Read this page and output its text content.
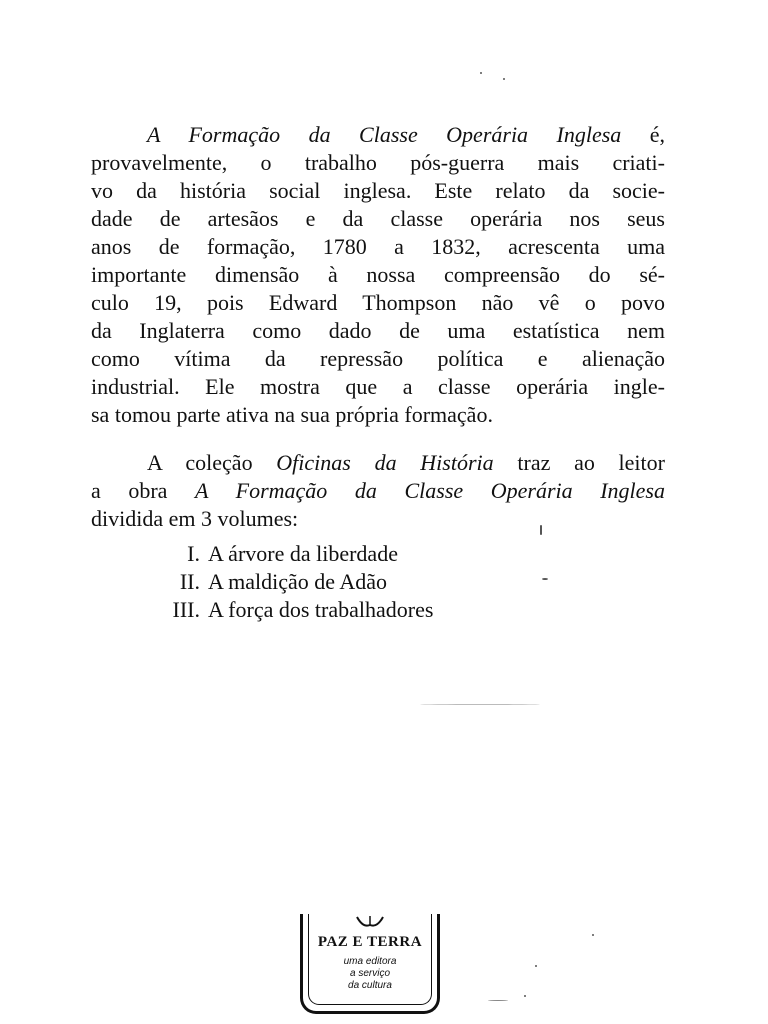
A Formação da Classe Operária Inglesa é,
provavelmente, o trabalho pós-guerra mais criati-
vo da história social inglesa. Este relato da socie-
dade de artesãos e da classe operária nos seus
anos de formação, 1780 a 1832, acrescenta uma
importante dimensão à nossa compreensão do sé-
culo 19, pois Edward Thompson não vê o povo
da Inglaterra como dado de uma estatística nem
como vítima da repressão política e alienação
industrial. Ele mostra que a classe operária ingle-
sa tomou parte ativa na sua própria formação.
A coleção Oficinas da História traz ao leitor
a obra A Formação da Classe Operária Inglesa
dividida em 3 volumes:
I. A árvore da liberdade
II. A maldição de Adão
III. A força dos trabalhadores
PAZ E TERRA
uma editora
a serviço
da cultura
